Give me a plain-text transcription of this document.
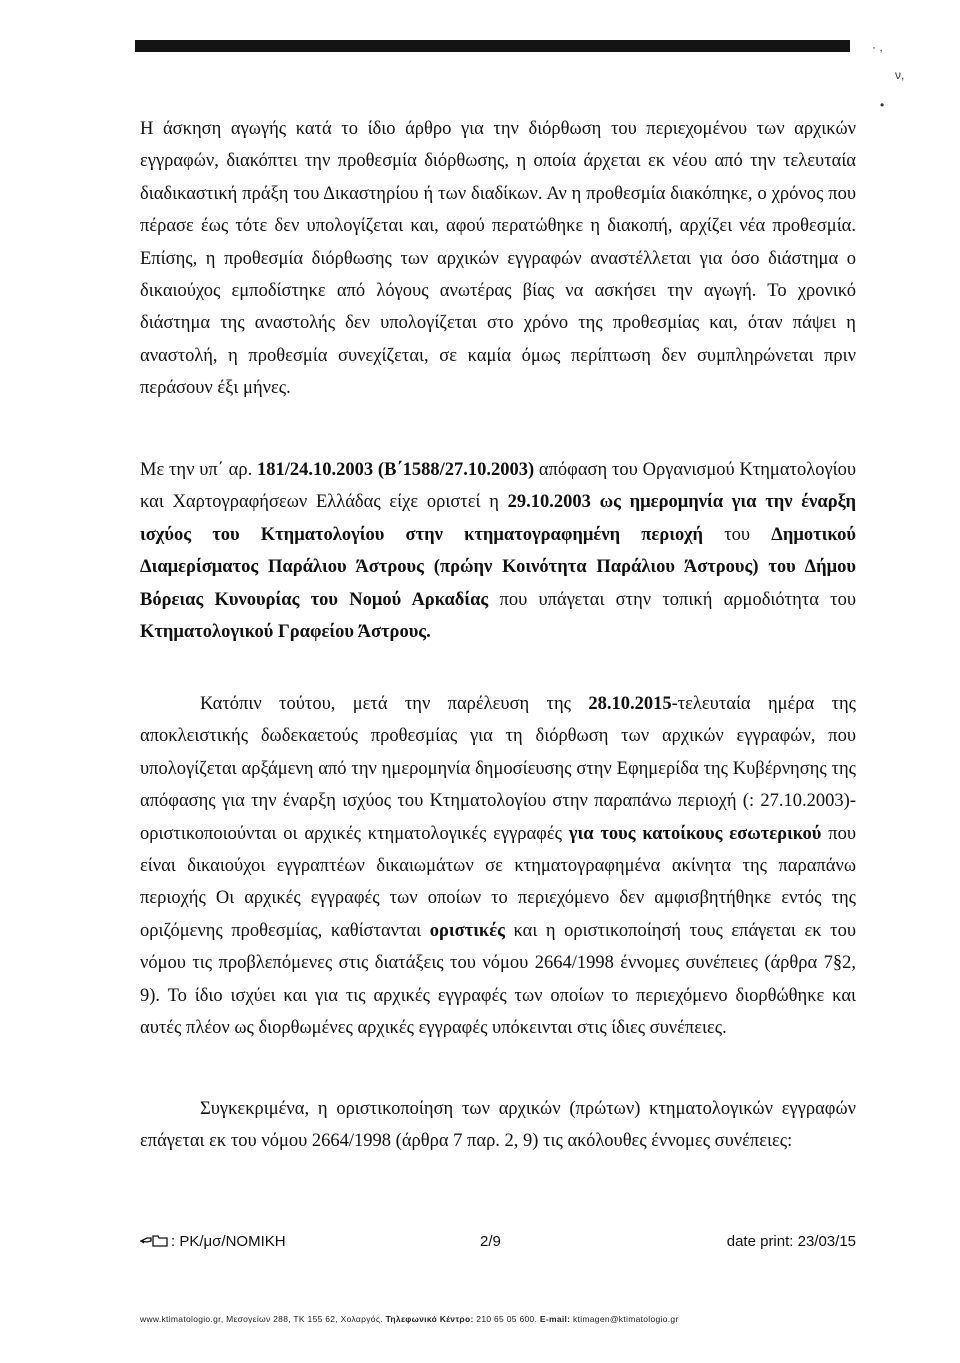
· ,
ν,
•

Η άσκηση αγωγής κατά το ίδιο άρθρο για την διόρθωση του περιεχομένου των αρχικών εγγραφών, διακόπτει την προθεσμία διόρθωσης, η οποία άρχεται εκ νέου από την τελευταία διαδικαστική πράξη του Δικαστηρίου ή των διαδίκων. Αν η προθεσμία διακόπηκε, ο χρόνος που πέρασε έως τότε δεν υπολογίζεται και, αφού περατώθηκε η διακοπή, αρχίζει νέα προθεσμία. Επίσης, η προθεσμία διόρθωσης των αρχικών εγγραφών αναστέλλεται για όσο διάστημα ο δικαιούχος εμποδίστηκε από λόγους ανωτέρας βίας να ασκήσει την αγωγή. Το χρονικό διάστημα της αναστολής δεν υπολογίζεται στο χρόνο της προθεσμίας και, όταν πάψει η αναστολή, η προθεσμία συνεχίζεται, σε καμία όμως περίπτωση δεν συμπληρώνεται πριν περάσουν έξι μήνες.

Με την υπ΄ αρ. 181/24.10.2003 (Β΄1588/27.10.2003) απόφαση του Οργανισμού Κτηματολογίου και Χαρτογραφήσεων Ελλάδας είχε οριστεί η 29.10.2003 ως ημερομηνία για την έναρξη ισχύος του Κτηματολογίου στην κτηματογραφημένη περιοχή του Δημοτικού Διαμερίσματος Παράλιου Άστρους (πρώην Κοινότητα Παράλιου Άστρους) του Δήμου Βόρειας Κυνουρίας του Νομού Αρκαδίας που υπάγεται στην τοπική αρμοδιότητα του Κτηματολογικού Γραφείου Άστρους.

Κατόπιν τούτου, μετά την παρέλευση της 28.10.2015-τελευταία ημέρα της αποκλειστικής δωδεκαετούς προθεσμίας για τη διόρθωση των αρχικών εγγραφών, που υπολογίζεται αρξάμενη από την ημερομηνία δημοσίευσης στην Εφημερίδα της Κυβέρνησης της απόφασης για την έναρξη ισχύος του Κτηματολογίου στην παραπάνω περιοχή (: 27.10.2003)- οριστικοποιούνται οι αρχικές κτηματολογικές εγγραφές για τους κατοίκους εσωτερικού που είναι δικαιούχοι εγγραπτέων δικαιωμάτων σε κτηματογραφημένα ακίνητα της παραπάνω περιοχής Οι αρχικές εγγραφές των οποίων το περιεχόμενο δεν αμφισβητήθηκε εντός της οριζόμενης προθεσμίας, καθίστανται οριστικές και η οριστικοποίησή τους επάγεται εκ του νόμου τις προβλεπόμενες στις διατάξεις του νόμου 2664/1998 έννομες συνέπειες (άρθρα 7§2, 9). Το ίδιο ισχύει και για τις αρχικές εγγραφές των οποίων το περιεχόμενο διορθώθηκε και αυτές πλέον ως διορθωμένες αρχικές εγγραφές υπόκεινται στις ίδιες συνέπειες.

Συγκεκριμένα, η οριστικοποίηση των αρχικών (πρώτων) κτηματολογικών εγγραφών επάγεται εκ του νόμου 2664/1998 (άρθρα 7 παρ. 2, 9) τις ακόλουθες έννομες συνέπειες:

: ΡΚ/μσ/ΝΟΜΙΚΗ	2/9	date print: 23/03/15
www.ktimatologio.gr, Μεσογείων 288, ΤΚ 155 62, Χολαργός. Τηλεφωνικό Κέντρο: 210 65 05 600. E-mail: ktimagen@ktimatologio.gr
